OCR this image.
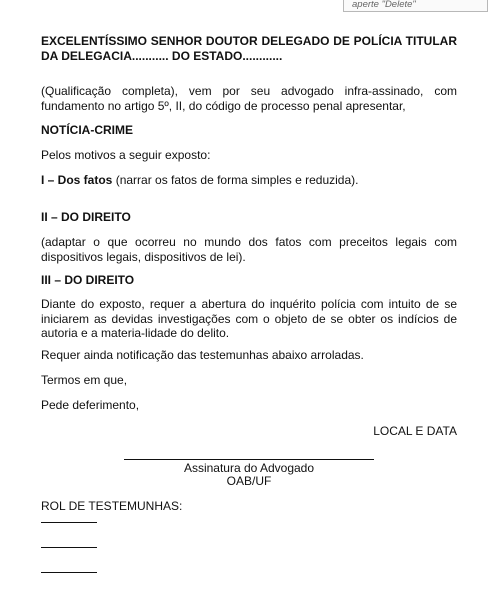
aperte "Delete"
EXCELENTÍSSIMO SENHOR DOUTOR DELEGADO DE POLÍCIA TITULAR DA DELEGACIA........... DO ESTADO............
(Qualificação completa), vem por seu advogado infra-assinado, com fundamento no artigo 5º, II, do código de processo penal apresentar,
NOTÍCIA-CRIME
Pelos motivos a seguir exposto:
I – Dos fatos (narrar os fatos de forma simples e reduzida).
II – DO DIREITO
(adaptar o que ocorreu no mundo dos fatos com preceitos legais com dispositivos legais, dispositivos de lei).
III – DO DIREITO
Diante do exposto, requer a abertura do inquérito polícia com intuito de se iniciarem as devidas investigações com o objeto de se obter os indícios de autoria e a materia-lidade do delito.
Requer ainda notificação das testemunhas abaixo arroladas.
Termos em que,
Pede deferimento,
LOCAL E DATA
Assinatura do Advogado
OAB/UF
ROL DE TESTEMUNHAS:
